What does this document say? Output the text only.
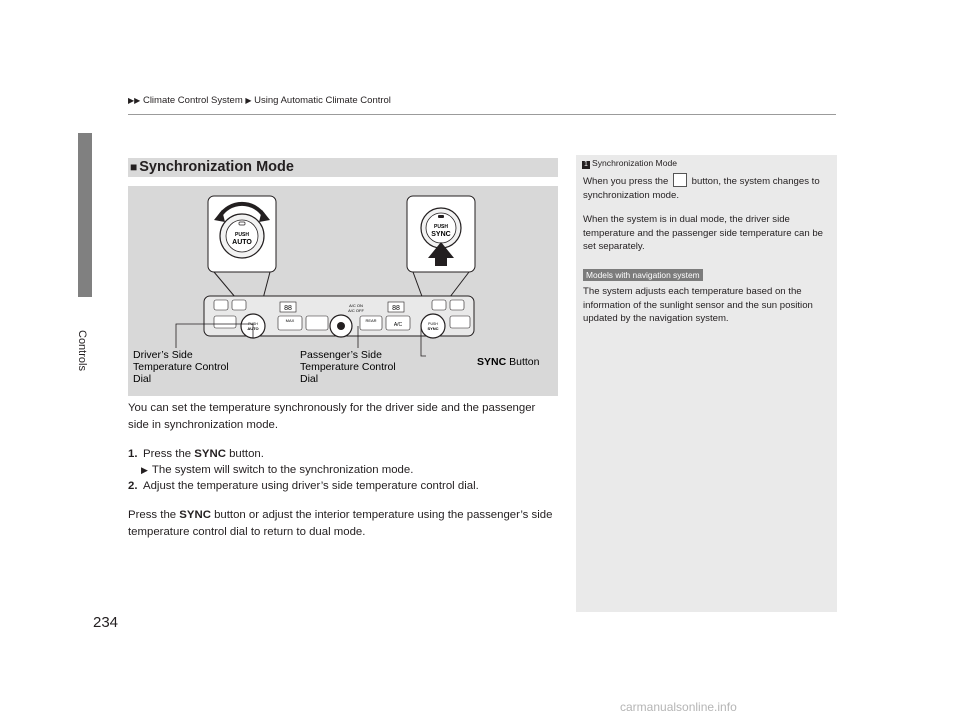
Controls
▶▶ Climate Control System ▶ Using Automatic Climate Control
■ Synchronization Mode
PUSH
AUTO
PUSH
SYNC
88	88
A/C ON
A/C OFF
MAX	REAR
A/C
PUSH
AUTO
PUSH
SYNC
Driver’s Side
Temperature Control
Dial
Passenger’s Side
Temperature Control
Dial
SYNC Button
You can set the temperature synchronously for the driver side and the passenger side in synchronization mode.
1. Press the SYNC button.
▶ The system will switch to the synchronization mode.
2. Adjust the temperature using driver’s side temperature control dial.
Press the SYNC button or adjust the interior temperature using the passenger’s side temperature control dial to return to dual mode.
1 Synchronization Mode
When you press the  button, the system changes to synchronization mode.
When the system is in dual mode, the driver side temperature and the passenger side temperature can be set separately.
Models with navigation system
The system adjusts each temperature based on the information of the sunlight sensor and the sun position updated by the navigation system.
234
carmanualsonline.info
